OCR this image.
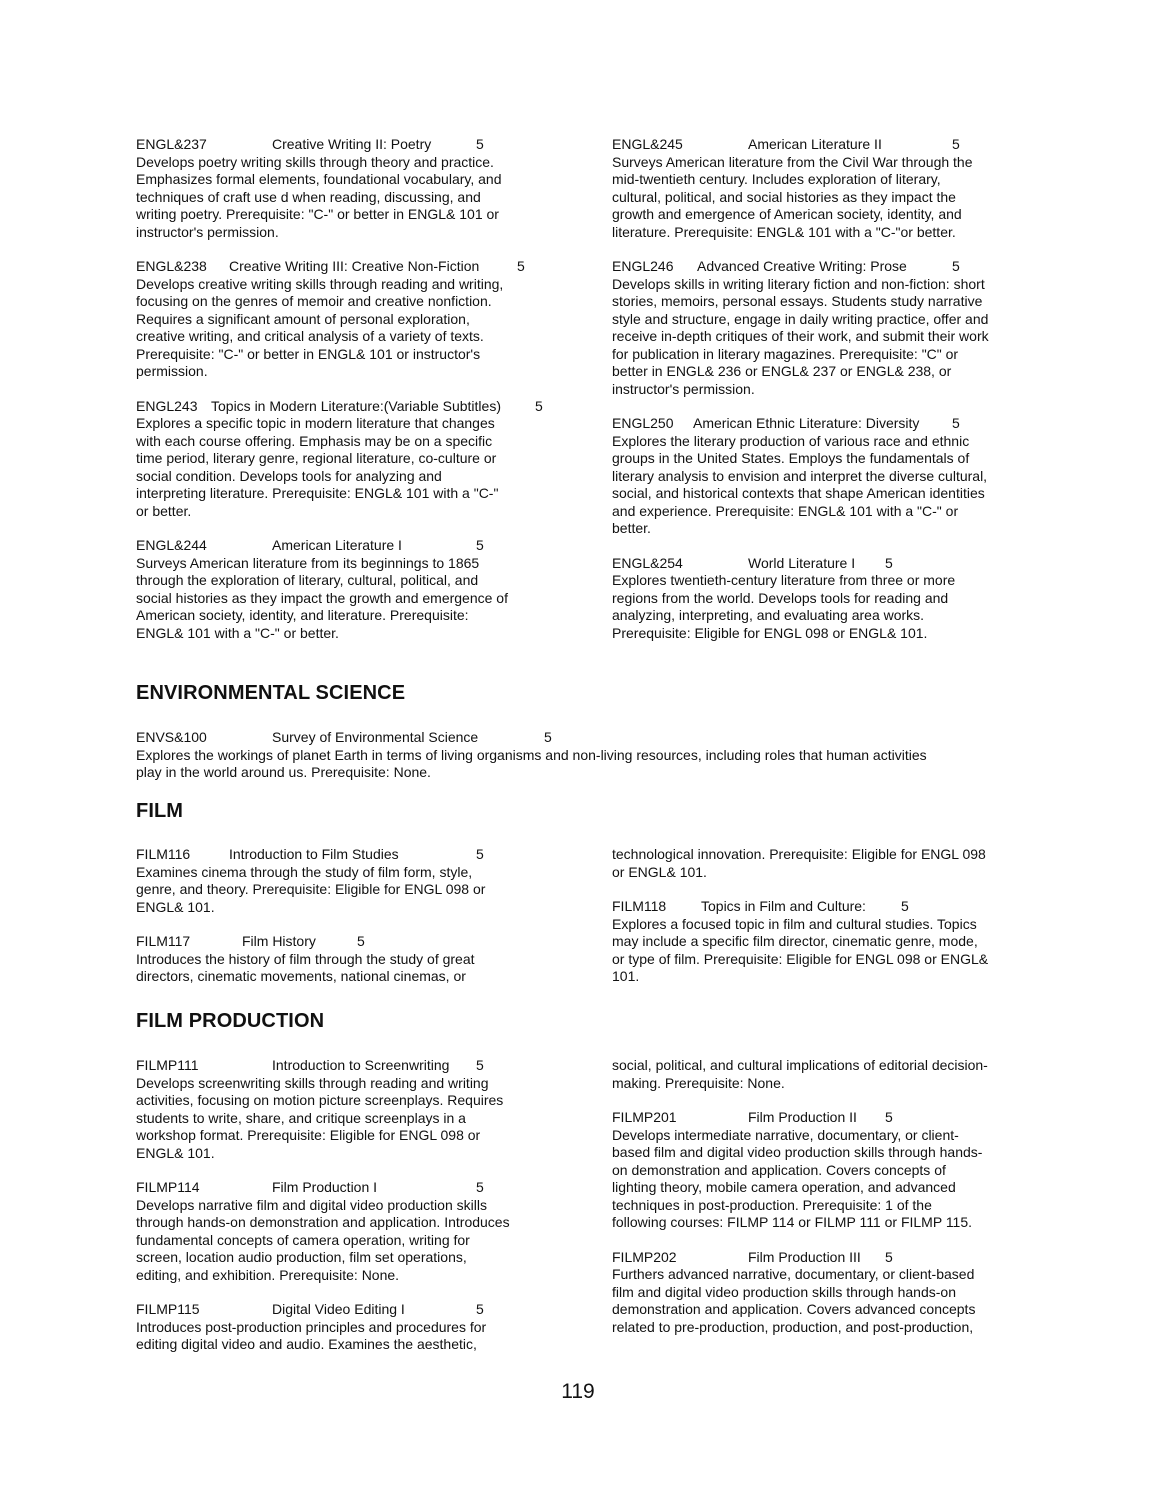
ENGL&237	Creative Writing II: Poetry	5
Develops poetry writing skills through theory and practice.
Emphasizes formal elements, foundational vocabulary, and
techniques of craft use d when reading, discussing, and
writing poetry. Prerequisite: "C-" or better in ENGL& 101 or
instructor's permission.
ENGL&238 Creative Writing III: Creative Non-Fiction	5
Develops creative writing skills through reading and writing,
focusing on the genres of memoir and creative nonfiction.
Requires a significant amount of personal exploration,
creative writing, and critical analysis of a variety of texts.
Prerequisite: "C-" or better in ENGL& 101 or instructor's
permission.
ENGL243 Topics in Modern Literature:(Variable Subtitles) 5
Explores a specific topic in modern literature that changes
with each course offering. Emphasis may be on a specific
time period, literary genre, regional literature, co-culture or
social condition. Develops tools for analyzing and
interpreting literature. Prerequisite: ENGL& 101 with a "C-"
or better.
ENGL&244	American Literature I	5
Surveys American literature from its beginnings to 1865
through the exploration of literary, cultural, political, and
social histories as they impact the growth and emergence of
American society, identity, and literature. Prerequisite:
ENGL& 101 with a "C-" or better.
ENGL&245	American Literature II	5
Surveys American literature from the Civil War through the
mid-twentieth century. Includes exploration of literary,
cultural, political, and social histories as they impact the
growth and emergence of American society, identity, and
literature. Prerequisite: ENGL& 101 with a "C-"or better.
ENGL246 Advanced Creative Writing: Prose	5
Develops skills in writing literary fiction and non-fiction: short
stories, memoirs, personal essays. Students study narrative
style and structure, engage in daily writing practice, offer and
receive in-depth critiques of their work, and submit their work
for publication in literary magazines. Prerequisite: "C" or
better in ENGL& 236 or ENGL& 237 or ENGL& 238, or
instructor's permission.
ENGL250 American Ethnic Literature: Diversity 5
Explores the literary production of various race and ethnic
groups in the United States. Employs the fundamentals of
literary analysis to envision and interpret the diverse cultural,
social, and historical contexts that shape American identities
and experience. Prerequisite: ENGL& 101 with a "C-" or
better.
ENGL&254	World Literature I 5
Explores twentieth-century literature from three or more
regions from the world. Develops tools for reading and
analyzing, interpreting, and evaluating area works.
Prerequisite: Eligible for ENGL 098 or ENGL& 101.
ENVIRONMENTAL SCIENCE
ENVS&100	Survey of Environmental Science	5
Explores the workings of planet Earth in terms of living organisms and non-living resources, including roles that human activities
play in the world around us. Prerequisite: None.
FILM
FILM116	Introduction to Film Studies	5
Examines cinema through the study of film form, style,
genre, and theory. Prerequisite: Eligible for ENGL 098 or
ENGL& 101.
FILM117	Film History	5
Introduces the history of film through the study of great
directors, cinematic movements, national cinemas, or
technological innovation. Prerequisite: Eligible for ENGL 098
or ENGL& 101.
FILM118 Topics in Film and Culture:	5
Explores a focused topic in film and cultural studies. Topics
may include a specific film director, cinematic genre, mode,
or type of film. Prerequisite: Eligible for ENGL 098 or ENGL&
101.
FILM PRODUCTION
FILMP111	Introduction to Screenwriting 5
Develops screenwriting skills through reading and writing
activities, focusing on motion picture screenplays. Requires
students to write, share, and critique screenplays in a
workshop format. Prerequisite: Eligible for ENGL 098 or
ENGL& 101.
FILMP114	Film Production I	5
Develops narrative film and digital video production skills
through hands-on demonstration and application. Introduces
fundamental concepts of camera operation, writing for
screen, location audio production, film set operations,
editing, and exhibition. Prerequisite: None.
FILMP115	Digital Video Editing I	5
Introduces post-production principles and procedures for
editing digital video and audio. Examines the aesthetic,
social, political, and cultural implications of editorial decision-
making. Prerequisite: None.
FILMP201	Film Production II 5
Develops intermediate narrative, documentary, or client-
based film and digital video production skills through hands-
on demonstration and application. Covers concepts of
lighting theory, mobile camera operation, and advanced
techniques in post-production. Prerequisite: 1 of the
following courses: FILMP 114 or FILMP 111 or FILMP 115.
FILMP202	Film Production III 5
Furthers advanced narrative, documentary, or client-based
film and digital video production skills through hands-on
demonstration and application. Covers advanced concepts
related to pre-production, production, and post-production,
119
